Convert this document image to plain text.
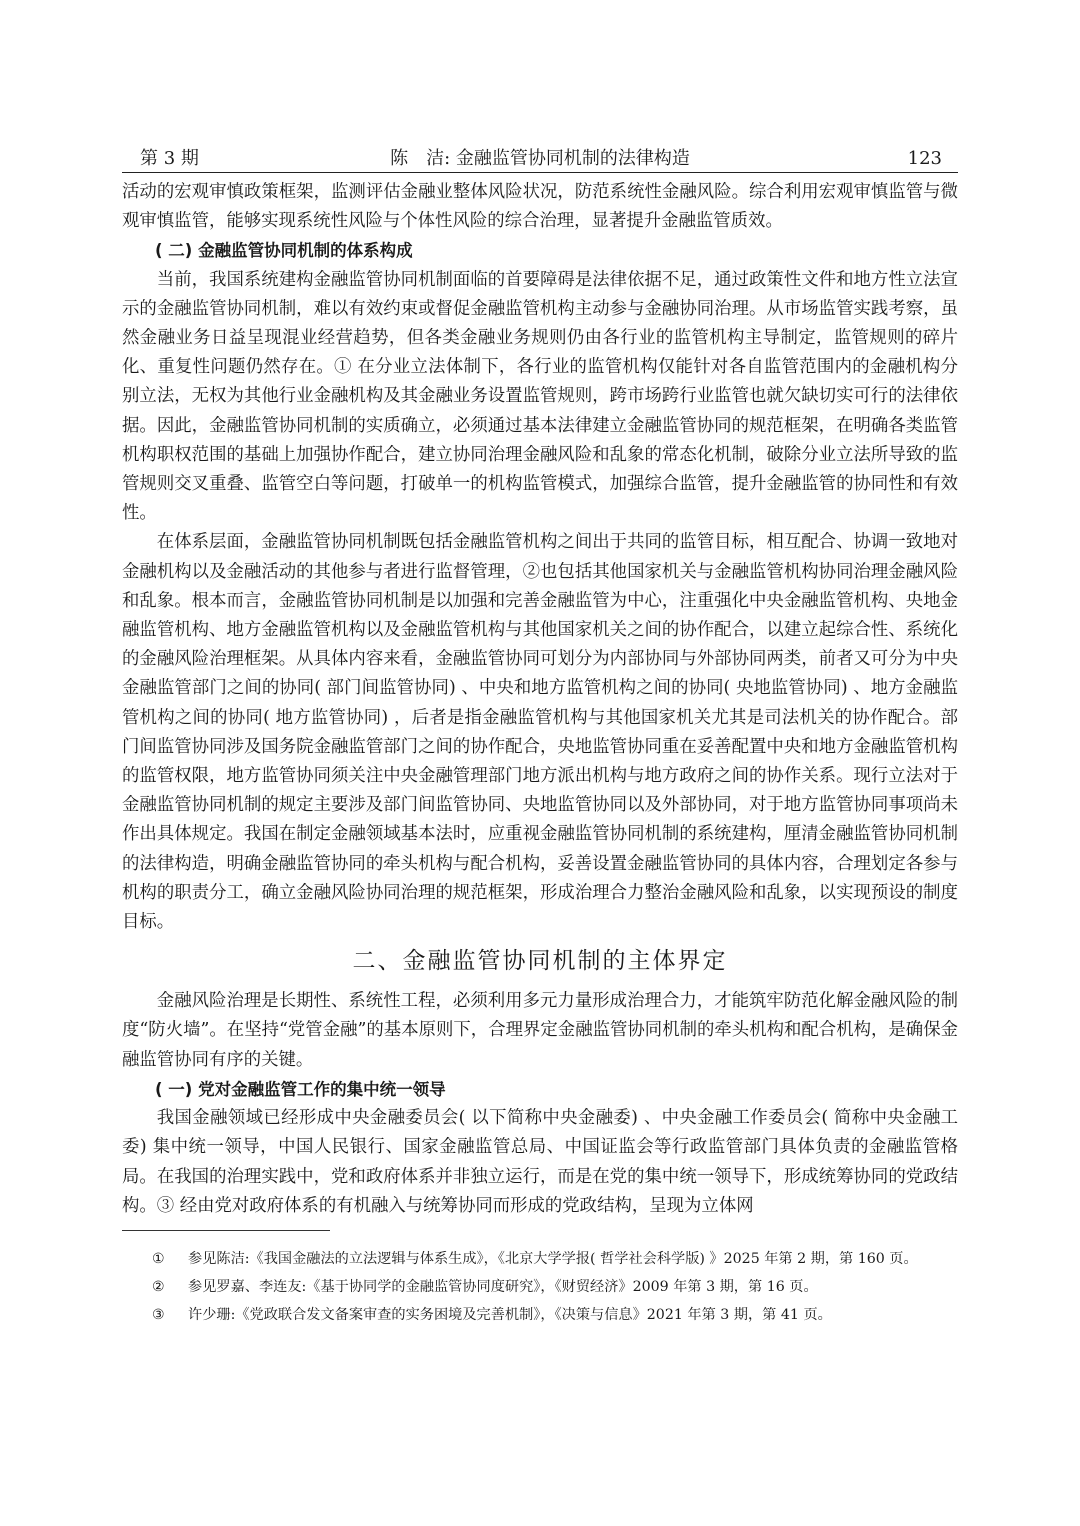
第 3 期	陈　洁: 金融监管协同机制的法律构造	123

活动的宏观审慎政策框架，监测评估金融业整体风险状况，防范系统性金融风险。综合利用宏观审慎监管与微观审慎监管，能够实现系统性风险与个体性风险的综合治理，显著提升金融监管质效。

( 二) 金融监管协同机制的体系构成

当前，我国系统建构金融监管协同机制面临的首要障碍是法律依据不足，通过政策性文件和地方性立法宣示的金融监管协同机制，难以有效约束或督促金融监管机构主动参与金融协同治理。从市场监管实践考察，虽然金融业务日益呈现混业经营趋势，但各类金融业务规则仍由各行业的监管机构主导制定，监管规则的碎片化、重复性问题仍然存在。① 在分业立法体制下，各行业的监管机构仅能针对各自监管范围内的金融机构分别立法，无权为其他行业金融机构及其金融业务设置监管规则，跨市场跨行业监管也就欠缺切实可行的法律依据。因此，金融监管协同机制的实质确立，必须通过基本法律建立金融监管协同的规范框架，在明确各类监管机构职权范围的基础上加强协作配合，建立协同治理金融风险和乱象的常态化机制，破除分业立法所导致的监管规则交叉重叠、监管空白等问题，打破单一的机构监管模式，加强综合监管，提升金融监管的协同性和有效性。

在体系层面，金融监管协同机制既包括金融监管机构之间出于共同的监管目标，相互配合、协调一致地对金融机构以及金融活动的其他参与者进行监督管理，②也包括其他国家机关与金融监管机构协同治理金融风险和乱象。根本而言，金融监管协同机制是以加强和完善金融监管为中心，注重强化中央金融监管机构、央地金融监管机构、地方金融监管机构以及金融监管机构与其他国家机关之间的协作配合，以建立起综合性、系统化的金融风险治理框架。从具体内容来看，金融监管协同可划分为内部协同与外部协同两类，前者又可分为中央金融监管部门之间的协同( 部门间监管协同) 、中央和地方监管机构之间的协同( 央地监管协同) 、地方金融监管机构之间的协同( 地方监管协同) ，后者是指金融监管机构与其他国家机关尤其是司法机关的协作配合。部门间监管协同涉及国务院金融监管部门之间的协作配合，央地监管协同重在妥善配置中央和地方金融监管机构的监管权限，地方监管协同须关注中央金融管理部门地方派出机构与地方政府之间的协作关系。现行立法对于金融监管协同机制的规定主要涉及部门间监管协同、央地监管协同以及外部协同，对于地方监管协同事项尚未作出具体规定。我国在制定金融领域基本法时，应重视金融监管协同机制的系统建构，厘清金融监管协同机制的法律构造，明确金融监管协同的牵头机构与配合机构，妥善设置金融监管协同的具体内容，合理划定各参与机构的职责分工，确立金融风险协同治理的规范框架，形成治理合力整治金融风险和乱象，以实现预设的制度目标。

二、金融监管协同机制的主体界定

金融风险治理是长期性、系统性工程，必须利用多元力量形成治理合力，才能筑牢防范化解金融风险的制度“防火墙”。在坚持“党管金融”的基本原则下，合理界定金融监管协同机制的牵头机构和配合机构，是确保金融监管协同有序的关键。

( 一) 党对金融监管工作的集中统一领导

我国金融领域已经形成中央金融委员会( 以下简称中央金融委) 、中央金融工作委员会( 简称中央金融工委) 集中统一领导，中国人民银行、国家金融监管总局、中国证监会等行政监管部门具体负责的金融监管格局。在我国的治理实践中，党和政府体系并非独立运行，而是在党的集中统一领导下，形成统筹协同的党政结构。③ 经由党对政府体系的有机融入与统筹协同而形成的党政结构，呈现为立体网

① 参见陈洁:《我国金融法的立法逻辑与体系生成》，《北京大学学报( 哲学社会科学版) 》2025 年第 2 期，第 160 页。
② 参见罗嘉、李连友:《基于协同学的金融监管协同度研究》，《财贸经济》2009 年第 3 期，第 16 页。
③ 许少珊:《党政联合发文备案审查的实务困境及完善机制》，《决策与信息》2021 年第 3 期，第 41 页。
